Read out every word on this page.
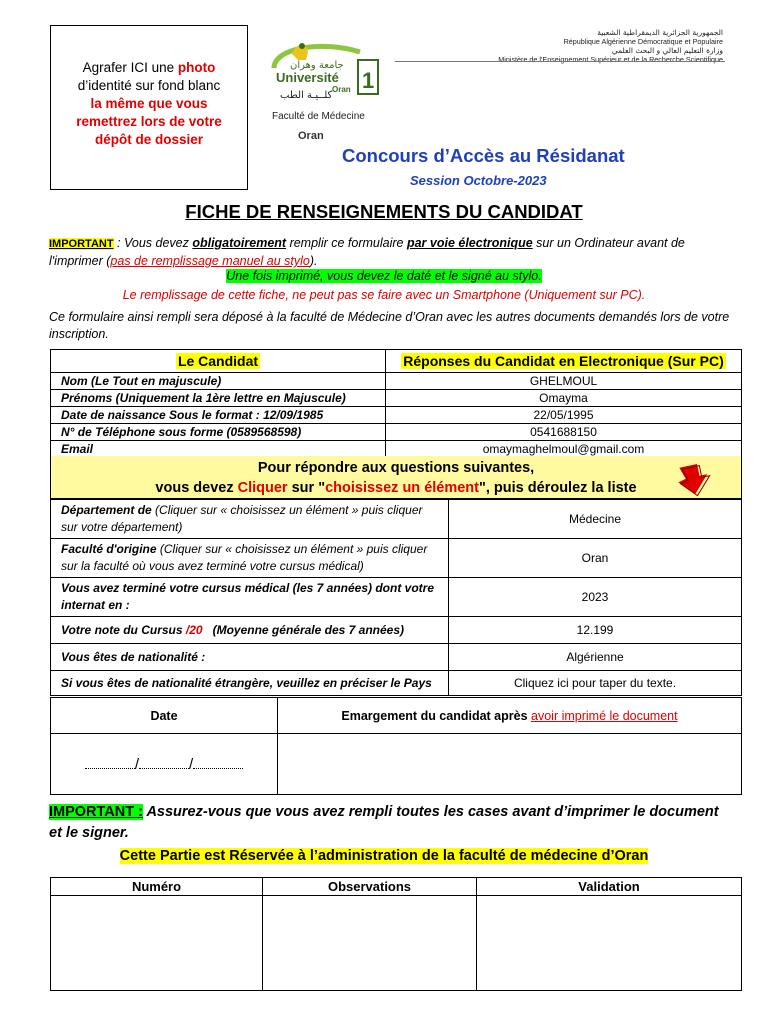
Agrafer ICI une photo
d’identité sur fond blanc
la même que vous
remettrez lors de votre
dépôt de dossier
جامعة وهران
Université
Oran 1
كلــيـة الطب
Faculté de Médecine
Oran
الجمهورية الجزائرية الديمقراطية الشعبية
République Algérienne Démocratique et Populaire
وزارة التعليم العالي و البحث العلمي
Ministère de l'Enseignement Supérieur et de la Recherche Scientifique
Concours d’Accès au Résidanat
Session Octobre-2023
FICHE DE RENSEIGNEMENTS DU CANDIDAT
IMPORTANT : Vous devez obligatoirement remplir ce formulaire par voie électronique sur un Ordinateur avant de l'imprimer (pas de remplissage manuel au stylo).
Une fois imprimé, vous devez le daté et le signé au stylo.
Le remplissage de cette fiche, ne peut pas se faire avec un Smartphone (Uniquement sur PC).
Ce formulaire ainsi rempli sera déposé à la faculté de Médecine d’Oran avec les autres documents demandés lors de votre inscription.
Le Candidat	Réponses du Candidat en Electronique (Sur PC)
Nom (Le Tout en majuscule)	GHELMOUL
Prénoms (Uniquement la 1ère lettre en Majuscule)	Omayma
Date de naissance Sous le format : 12/09/1985	22/05/1995
N° de Téléphone sous forme (0589568598)	0541688150
Email	omaymaghelmoul@gmail.com
Pour répondre aux questions suivantes,
vous devez Cliquer sur "choisissez un élément", puis déroulez la liste
Département de (Cliquer sur « choisissez un élément » puis cliquer sur votre département)	Médecine
Faculté d'origine (Cliquer sur « choisissez un élément » puis cliquer sur la faculté où vous avez terminé votre cursus médical)	Oran
Vous avez terminé votre cursus médical (les 7 années) dont votre internat en :	2023
Votre note du Cursus /20   (Moyenne générale des 7 années)	12.199
Vous êtes de nationalité :	Algérienne
Si vous êtes de nationalité étrangère, veuillez en préciser le Pays	Cliquez ici pour taper du texte.
Date	Emargement du candidat après avoir imprimé le document
/ /	
IMPORTANT : Assurez-vous que vous avez rempli toutes les cases avant d’imprimer le document et le signer.
Cette Partie est Réservée à l’administration de la faculté de médecine d’Oran
Numéro	Observations	Validation
